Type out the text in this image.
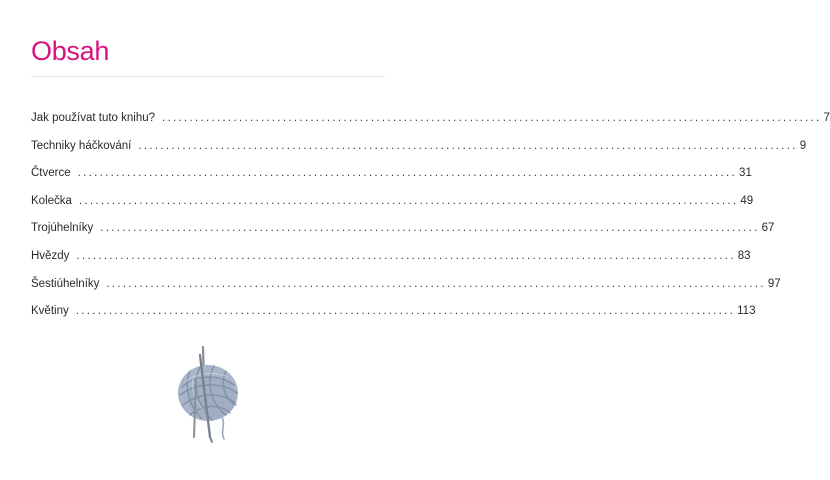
Obsah
Jak používat tuto knihu? ........................................................................................................................ 7
Techniky háčkování ........................................................................................................................ 9
Čtverce ........................................................................................................................ 31
Kolečka ........................................................................................................................ 49
Trojúhelníky ........................................................................................................................ 67
Hvězdy ........................................................................................................................ 83
Šestiúhelníky ........................................................................................................................ 97
Květiny ........................................................................................................................ 113
